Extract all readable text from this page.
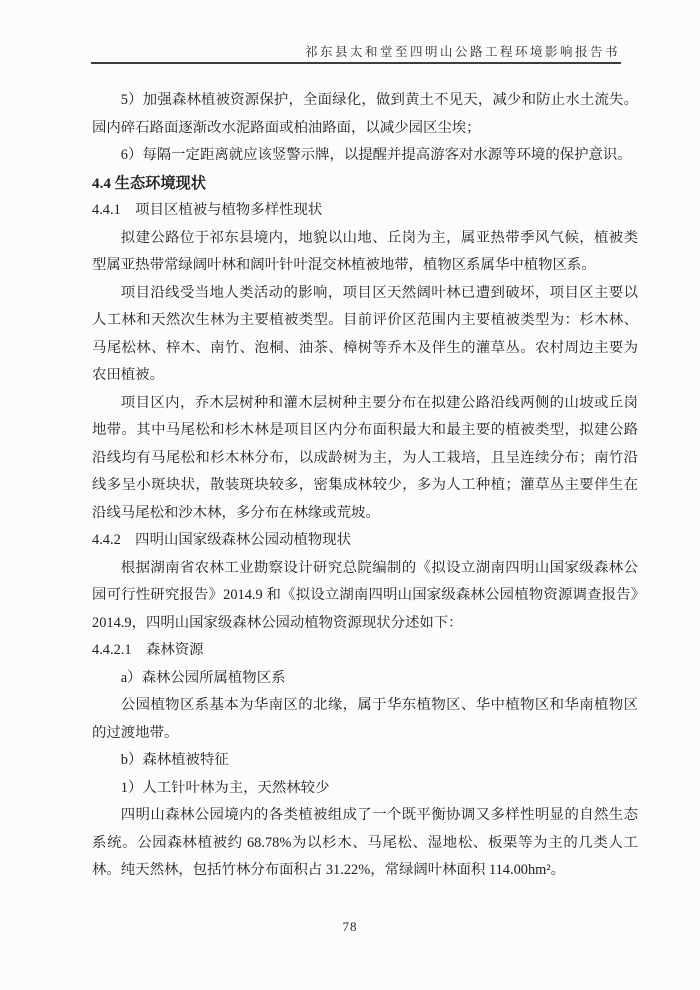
祁东县太和堂至四明山公路工程环境影响报告书

5）加强森林植被资源保护，全面绿化，做到黄土不见天，减少和防止水土流失。园内碎石路面逐渐改水泥路面或柏油路面，以减少园区尘埃；

6）每隔一定距离就应该竖警示牌，以提醒并提高游客对水源等环境的保护意识。

4.4 生态环境现状

4.4.1　项目区植被与植物多样性现状

拟建公路位于祁东县境内，地貌以山地、丘岗为主，属亚热带季风气候，植被类型属亚热带常绿阔叶林和阔叶针叶混交林植被地带，植物区系属华中植物区系。

项目沿线受当地人类活动的影响，项目区天然阔叶林已遭到破坏，项目区主要以人工林和天然次生林为主要植被类型。目前评价区范围内主要植被类型为：杉木林、马尾松林、梓木、南竹、泡桐、油茶、樟树等乔木及伴生的灌草丛。农村周边主要为农田植被。

项目区内，乔木层树种和灌木层树种主要分布在拟建公路沿线两侧的山坡或丘岗地带。其中马尾松和杉木林是项目区内分布面积最大和最主要的植被类型，拟建公路沿线均有马尾松和杉木林分布，以成龄树为主，为人工栽培，且呈连续分布；南竹沿线多呈小斑块状，散装斑块较多，密集成林较少，多为人工种植；灌草丛主要伴生在沿线马尾松和沙木林，多分布在林缘或荒坡。

4.4.2　四明山国家级森林公园动植物现状

根据湖南省农林工业勘察设计研究总院编制的《拟设立湖南四明山国家级森林公园可行性研究报告》2014.9 和《拟设立湖南四明山国家级森林公园植物资源调查报告》2014.9，四明山国家级森林公园动植物资源现状分述如下：

4.4.2.1　森林资源

a）森林公园所属植物区系

公园植物区系基本为华南区的北缘，属于华东植物区、华中植物区和华南植物区的过渡地带。

b）森林植被特征

1）人工针叶林为主，天然林较少

四明山森林公园境内的各类植被组成了一个既平衡协调又多样性明显的自然生态系统。公园森林植被约 68.78%为以杉木、马尾松、湿地松、板栗等为主的几类人工林。纯天然林，包括竹林分布面积占 31.22%，常绿阔叶林面积 114.00hm²。

78
